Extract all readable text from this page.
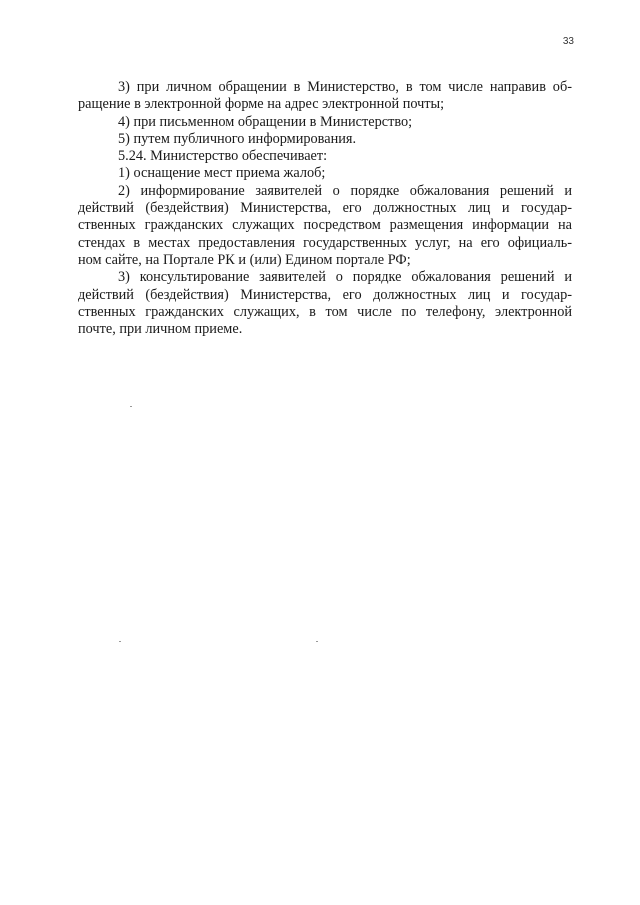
33
3) при личном обращении в Министерство, в том числе направив об-
ращение в электронной форме на адрес электронной почты;
4) при письменном обращении в Министерство;
5) путем публичного информирования.
5.24. Министерство обеспечивает:
1) оснащение мест приема жалоб;
2) информирование заявителей о порядке обжалования решений и
действий (бездействия) Министерства, его должностных лиц и государ-
ственных гражданских служащих посредством размещения информации на
стендах в местах предоставления государственных услуг, на его официаль-
ном сайте, на Портале РК и (или) Едином портале РФ;
3) консультирование заявителей о порядке обжалования решений и
действий (бездействия) Министерства, его должностных лиц и государ-
ственных гражданских служащих, в том числе по телефону, электронной
почте, при личном приеме.
